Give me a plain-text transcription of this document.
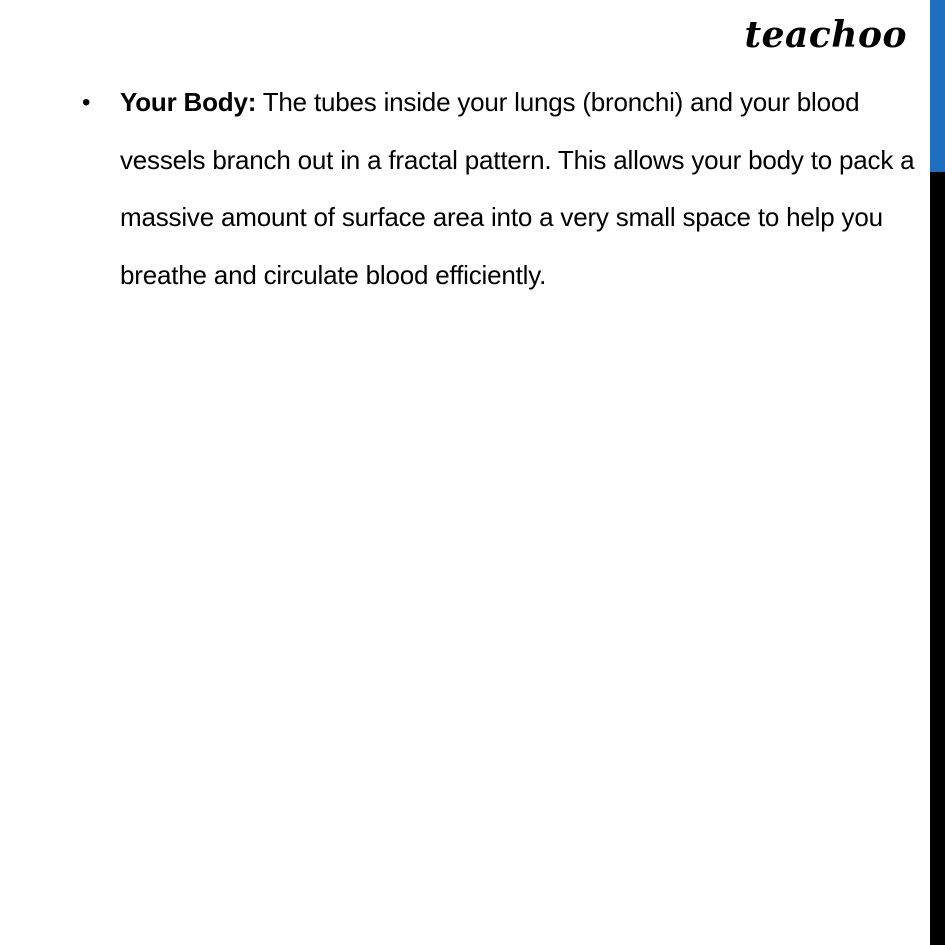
teachoo
• Your Body: The tubes inside your lungs (bronchi) and your blood vessels branch out in a fractal pattern. This allows your body to pack a massive amount of surface area into a very small space to help you breathe and circulate blood efficiently.
